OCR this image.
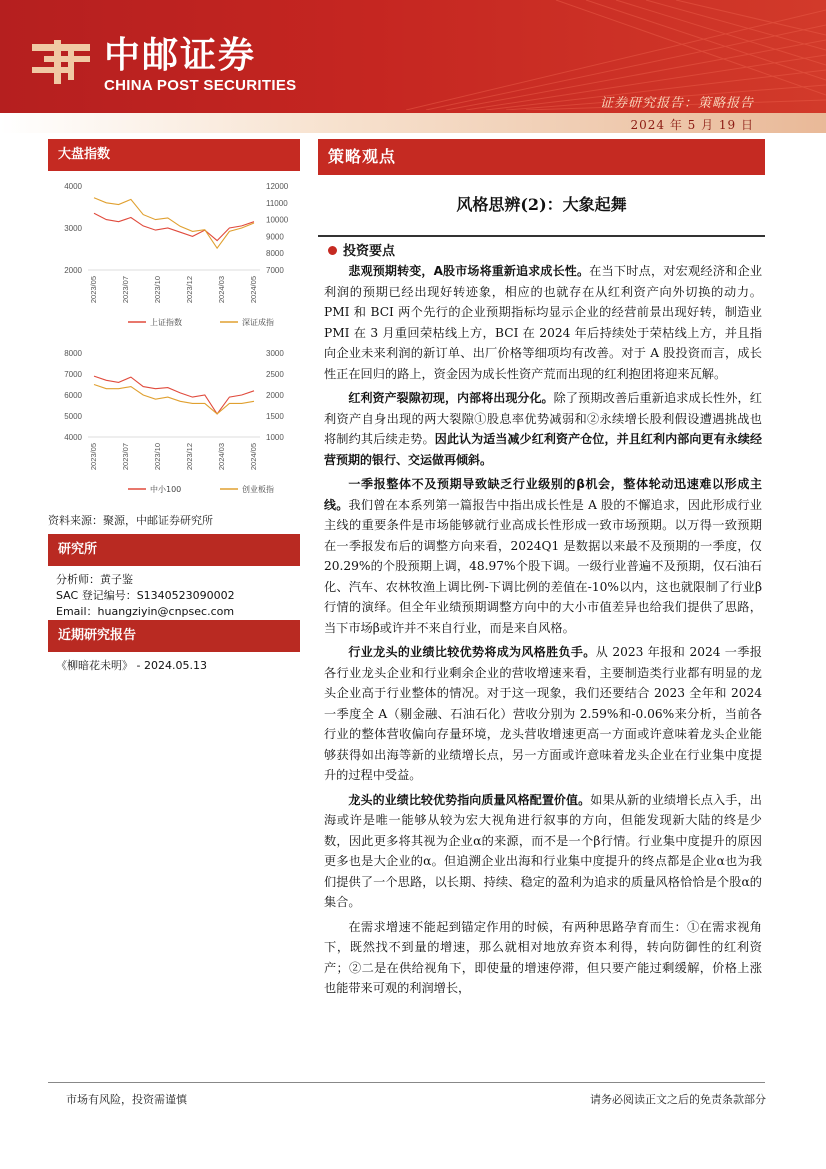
中邮证券
CHINA POST SECURITIES
证券研究报告：策略报告
2024 年 5 月 19 日
大盘指数
4000
3000
2000
12000
11000
10000
9000
8000
7000
2023/05	2023/07	2023/10	2023/12	2024/03	2024/05
上证指数	深证成指
8000
7000
6000
5000
4000
3000
2500
2000
1500
1000
2023/05	2023/07	2023/10	2023/12	2024/03	2024/05
中小100	创业板指
资料来源：聚源，中邮证券研究所
研究所
分析师：黄子鉴
SAC 登记编号：S1340523090002
Email：huangziyin@cnpsec.com
近期研究报告
《柳暗花未明》 - 2024.05.13
策略观点
风格思辨(2)：大象起舞
投资要点

悲观预期转变，A股市场将重新追求成长性。在当下时点，对宏观经济和企业利润的预期已经出现好转迹象，相应的也就存在从红利资产向外切换的动力。PMI 和 BCI 两个先行的企业预期指标均显示企业的经营前景出现好转，制造业 PMI 在 3 月重回荣枯线上方，BCI 在 2024 年后持续处于荣枯线上方，并且指向企业未来利润的新订单、出厂价格等细项均有改善。对于 A 股投资而言，成长性正在回归的路上，资金因为成长性资产荒而出现的红利抱团将迎来瓦解。

红利资产裂隙初现，内部将出现分化。除了预期改善后重新追求成长性外，红利资产自身出现的两大裂隙①股息率优势减弱和②永续增长股利假设遭遇挑战也将制约其后续走势。因此认为适当减少红利资产仓位，并且红利内部向更有永续经营预期的银行、交运做再倾斜。

一季报整体不及预期导致缺乏行业级别的β机会，整体轮动迅速难以形成主线。我们曾在本系列第一篇报告中指出成长性是 A 股的不懈追求，因此形成行业主线的重要条件是市场能够就行业高成长性形成一致市场预期。以万得一致预期在一季报发布后的调整方向来看，2024Q1 是数据以来最不及预期的一季度，仅 20.29%的个股预期上调，48.97%个股下调。一级行业普遍不及预期，仅石油石化、汽车、农林牧渔上调比例-下调比例的差值在-10%以内，这也就限制了行业β行情的演绎。但全年业绩预期调整方向中的大小市值差异也给我们提供了思路，当下市场β或许并不来自行业，而是来自风格。

行业龙头的业绩比较优势将成为风格胜负手。从 2023 年报和 2024 一季报各行业龙头企业和行业剩余企业的营收增速来看，主要制造类行业都有明显的龙头企业高于行业整体的情况。对于这一现象，我们还要结合 2023 全年和 2024 一季度全 A（剔金融、石油石化）营收分别为 2.59%和-0.06%来分析，当前各行业的整体营收偏向存量环境，龙头营收增速更高一方面或许意味着龙头企业能够获得如出海等新的业绩增长点，另一方面或许意味着龙头企业在行业集中度提升的过程中受益。

龙头的业绩比较优势指向质量风格配置价值。如果从新的业绩增长点入手，出海或许是唯一能够从较为宏大视角进行叙事的方向，但能发现新大陆的终是少数，因此更多将其视为企业α的来源，而不是一个β行情。行业集中度提升的原因更多也是大企业的α。但追溯企业出海和行业集中度提升的终点都是企业α也为我们提供了一个思路，以长期、持续、稳定的盈利为追求的质量风格恰恰是个股α的集合。

在需求增速不能起到锚定作用的时候，有两种思路孕育而生：①在需求视角下，既然找不到量的增速，那么就相对地放弃资本利得，转向防御性的红利资产；②二是在供给视角下，即使量的增速停滞，但只要产能过剩缓解，价格上涨也能带来可观的利润增长，

市场有风险，投资需谨慎	请务必阅读正文之后的免责条款部分
